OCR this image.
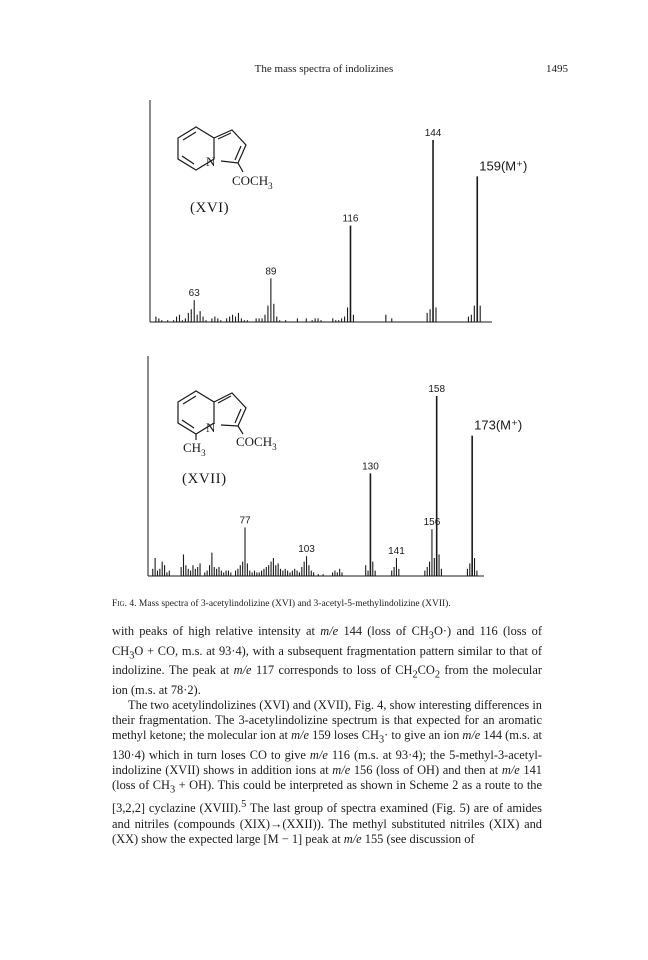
The mass spectra of indolizines	1495
N
$COCH_3$
(XVI)
63
89
116
144
159(M⁺)
N
$COCH_3$
$CH_3$
(XVII)
77
103
130
141
156
158
173(M⁺)
Fig. 4. Mass spectra of 3-acetylindolizine (XVI) and 3-acetyl-5-methylindolizine (XVII).

with peaks of high relative intensity at m/e 144 (loss of $CH_3O\cdot$) and 116 (loss of $CH_3O$ + CO, m.s. at 93·4), with a subsequent fragmentation pattern similar to that of indolizine. The peak at m/e 117 corresponds to loss of $CH_2CO_2$ from the molecular ion (m.s. at 78·2).

The two acetylindolizines (XVI) and (XVII), Fig. 4, show interesting differences in their fragmentation. The 3-acetylindolizine spectrum is that expected for an aromatic methyl ketone; the molecular ion at m/e 159 loses $CH_3\cdot$ to give an ion m/e 144 (m.s. at 130·4) which in turn loses CO to give m/e 116 (m.s. at 93·4); the 5-methyl-3-acetyl-indolizine (XVII) shows in addition ions at m/e 156 (loss of OH) and then at m/e 141 (loss of $CH_3 + OH$). This could be interpreted as shown in Scheme 2 as a route to the [3,2,2] cyclazine (XVIII).$^5$ The last group of spectra examined (Fig. 5) are of amides and nitriles (compounds (XIX)→(XXII)). The methyl substituted nitriles (XIX) and (XX) show the expected large [M − 1] peak at m/e 155 (see discussion of
